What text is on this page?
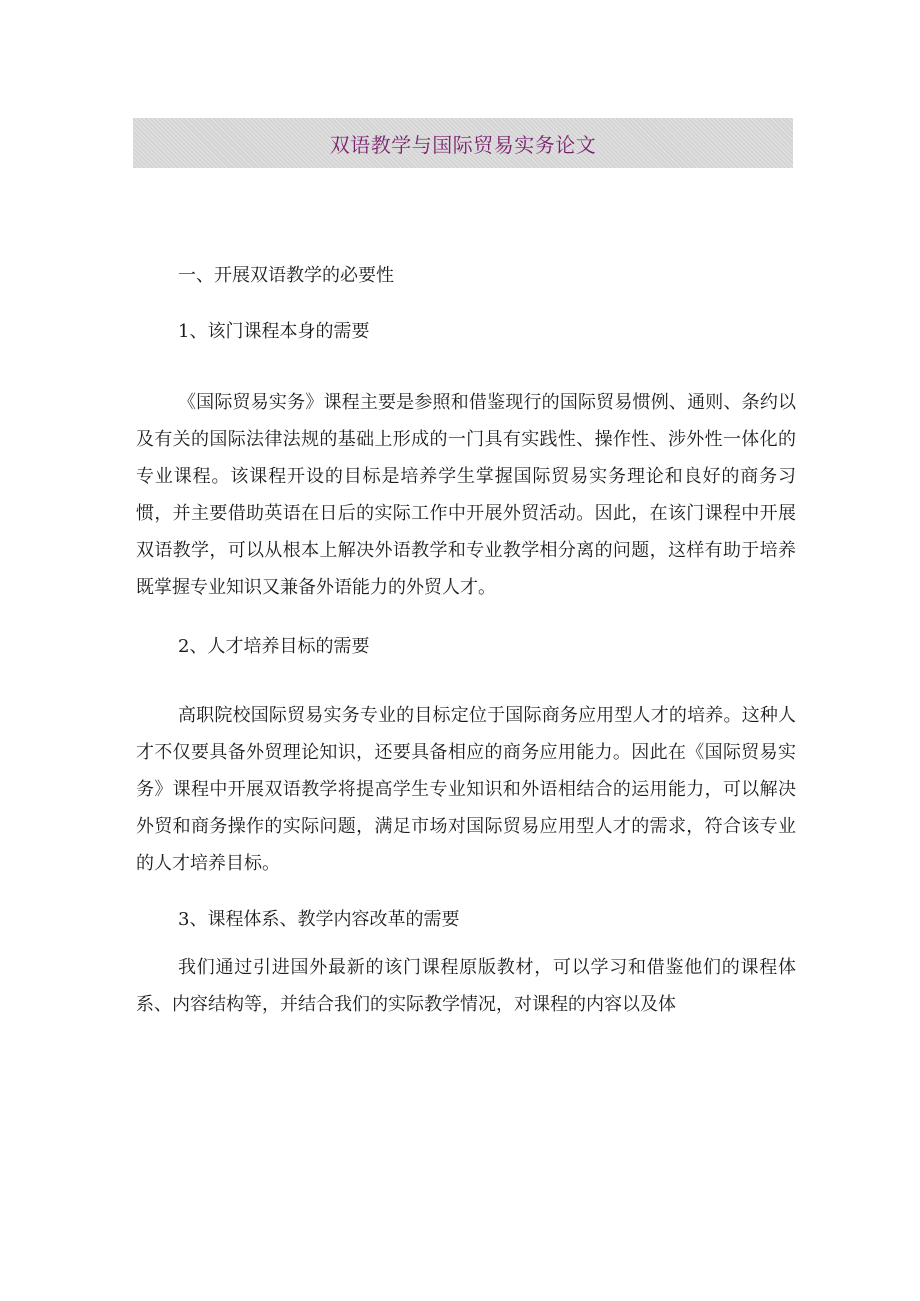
双语教学与国际贸易实务论文

一、开展双语教学的必要性

1、该门课程本身的需要

《国际贸易实务》课程主要是参照和借鉴现行的国际贸易惯例、通则、条约以及有关的国际法律法规的基础上形成的一门具有实践性、操作性、涉外性一体化的专业课程。该课程开设的目标是培养学生掌握国际贸易实务理论和良好的商务习惯，并主要借助英语在日后的实际工作中开展外贸活动。因此，在该门课程中开展双语教学，可以从根本上解决外语教学和专业教学相分离的问题，这样有助于培养既掌握专业知识又兼备外语能力的外贸人才。

2、人才培养目标的需要

高职院校国际贸易实务专业的目标定位于国际商务应用型人才的培养。这种人才不仅要具备外贸理论知识，还要具备相应的商务应用能力。因此在《国际贸易实务》课程中开展双语教学将提高学生专业知识和外语相结合的运用能力，可以解决外贸和商务操作的实际问题，满足市场对国际贸易应用型人才的需求，符合该专业的人才培养目标。

3、课程体系、教学内容改革的需要

我们通过引进国外最新的该门课程原版教材，可以学习和借鉴他们的课程体系、内容结构等，并结合我们的实际教学情况，对课程的内容以及体
